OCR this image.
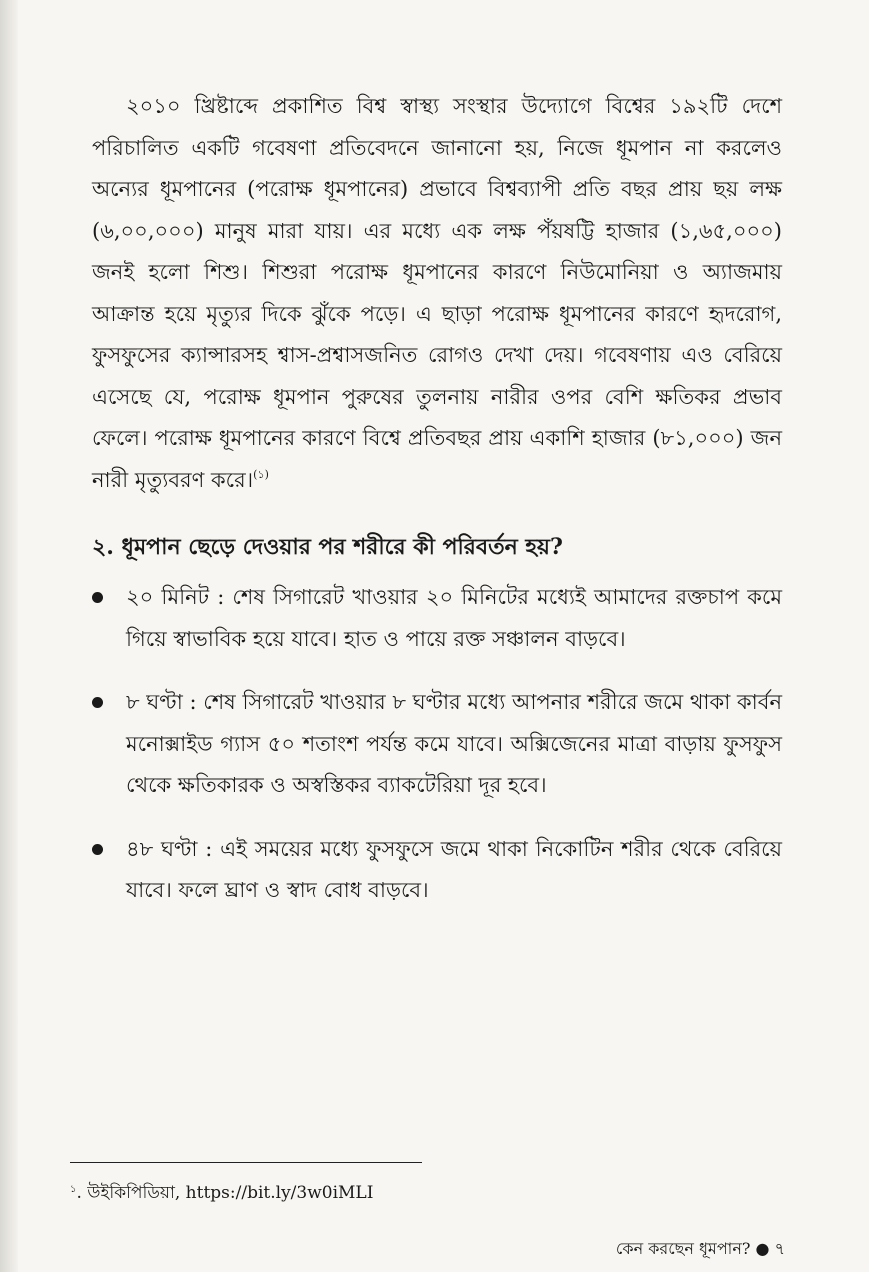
২০১০ খ্রিষ্টাব্দে প্রকাশিত বিশ্ব স্বাস্থ্য সংস্থার উদ্যোগে বিশ্বের ১৯২টি দেশে পরিচালিত একটি গবেষণা প্রতিবেদনে জানানো হয়, নিজে ধূমপান না করলেও অন্যের ধূমপানের (পরোক্ষ ধূমপানের) প্রভাবে বিশ্বব্যাপী প্রতি বছর প্রায় ছয় লক্ষ (৬,০০,০০০) মানুষ মারা যায়। এর মধ্যে এক লক্ষ পঁয়ষট্টি হাজার (১,৬৫,০০০) জনই হলো শিশু। শিশুরা পরোক্ষ ধূমপানের কারণে নিউমোনিয়া ও অ্যাজমায় আক্রান্ত হয়ে মৃত্যুর দিকে ঝুঁকে পড়ে। এ ছাড়া পরোক্ষ ধূমপানের কারণে হৃদরোগ, ফুসফুসের ক্যান্সারসহ শ্বাস-প্রশ্বাসজনিত রোগও দেখা দেয়। গবেষণায় এও বেরিয়ে এসেছে যে, পরোক্ষ ধূমপান পুরুষের তুলনায় নারীর ওপর বেশি ক্ষতিকর প্রভাব ফেলে। পরোক্ষ ধূমপানের কারণে বিশ্বে প্রতিবছর প্রায় একাশি হাজার (৮১,০০০) জন নারী মৃত্যুবরণ করে।$^{(১)}$

২. ধূমপান ছেড়ে দেওয়ার পর শরীরে কী পরিবর্তন হয়?
২০ মিনিট : শেষ সিগারেট খাওয়ার ২০ মিনিটের মধ্যেই আমাদের রক্তচাপ কমে গিয়ে স্বাভাবিক হয়ে যাবে। হাত ও পায়ে রক্ত সঞ্চালন বাড়বে।
৮ ঘণ্টা : শেষ সিগারেট খাওয়ার ৮ ঘণ্টার মধ্যে আপনার শরীরে জমে থাকা কার্বন মনোক্সাইড গ্যাস ৫০ শতাংশ পর্যন্ত কমে যাবে। অক্সিজেনের মাত্রা বাড়ায় ফুসফুস থেকে ক্ষতিকারক ও অস্বস্তিকর ব্যাকটেরিয়া দূর হবে।
৪৮ ঘণ্টা : এই সময়ের মধ্যে ফুসফুসে জমে থাকা নিকোটিন শরীর থেকে বেরিয়ে যাবে। ফলে ঘ্রাণ ও স্বাদ বোধ বাড়বে।
$^১$. উইকিপিডিয়া, https://bit.ly/3w0iMLI
কেন করছেন ধূমপান? ● ৭
